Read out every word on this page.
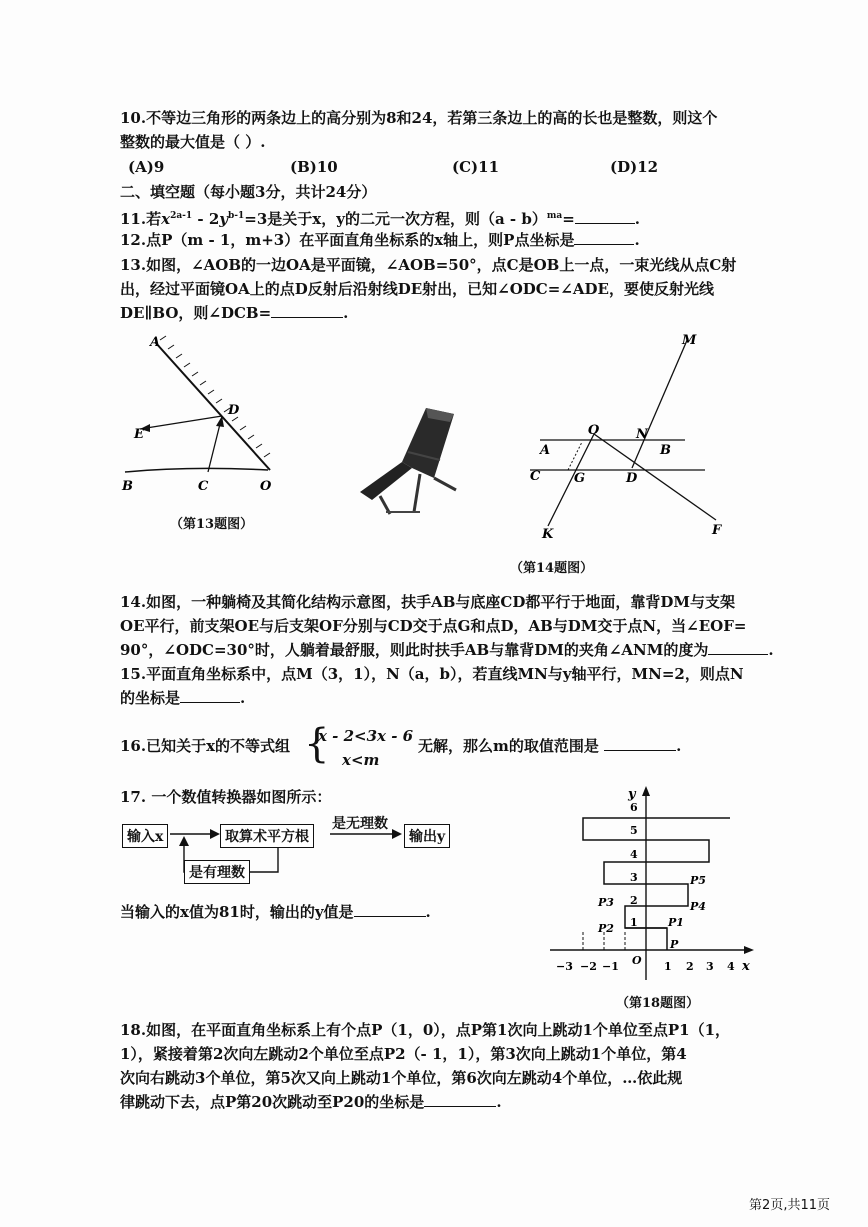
10.不等边三角形的两条边上的高分别为8和24，若第三条边上的高的长也是整数，则这个
整数的最大值是（ ）.
(A)9	(B)10	(C)11	(D)12
二、填空题（每小题3分，共计24分）
11.若$x^{2a-1} - 2y^{b-1}=3$是关于x，y的二元一次方程，则（a - b）$^{ma}$=	.
12.点P（m - 1，m+3）在平面直角坐标系的x轴上，则P点坐标是	.
13.如图，∠AOB的一边OA是平面镜，∠AOB=50°，点C是OB上一点，一束光线从点C射
出，经过平面镜OA上的点D反射后沿射线DE射出，已知∠ODC=∠ADE，要使反射光线
DE∥BO，则∠DCB=	.
A
D
E
B	C	O
（第13题图）
M
O	N
A	B
C	G	D
K	F
（第14题图）
14.如图，一种躺椅及其简化结构示意图，扶手AB与底座CD都平行于地面，靠背DM与支架
OE平行，前支架OE与后支架OF分别与CD交于点G和点D，AB与DM交于点N，当∠EOF=
90°，∠ODC=30°时，人躺着最舒服，则此时扶手AB与靠背DM的夹角∠ANM的度为	.
15.平面直角坐标系中，点M（3，1），N（a，b），若直线MN与y轴平行，MN=2，则点N
的坐标是	.
16.已知关于x的不等式组 {
x - 2<3x - 6
x<m
无解，那么m的取值范围是	.
17. 一个数值转换器如图所示：
输入x	取算术平方根
是无理数
输出y
是有理数
当输入的x值为81时，输出的y值是	.
6
5
4
3
2
1
−3 −2 −1	1 2 3 4
O
y
x
P
P1
P2
P3	P4
P5
（第18题图）
18.如图，在平面直角坐标系上有个点P（1，0），点P第1次向上跳动1个单位至点P1（1，
1），紧接着第2次向左跳动2个单位至点P2（- 1，1），第3次向上跳动1个单位，第4
次向右跳动3个单位，第5次又向上跳动1个单位，第6次向左跳动4个单位，…依此规
律跳动下去，点P第20次跳动至P20的坐标是	.
第2页,共11页
